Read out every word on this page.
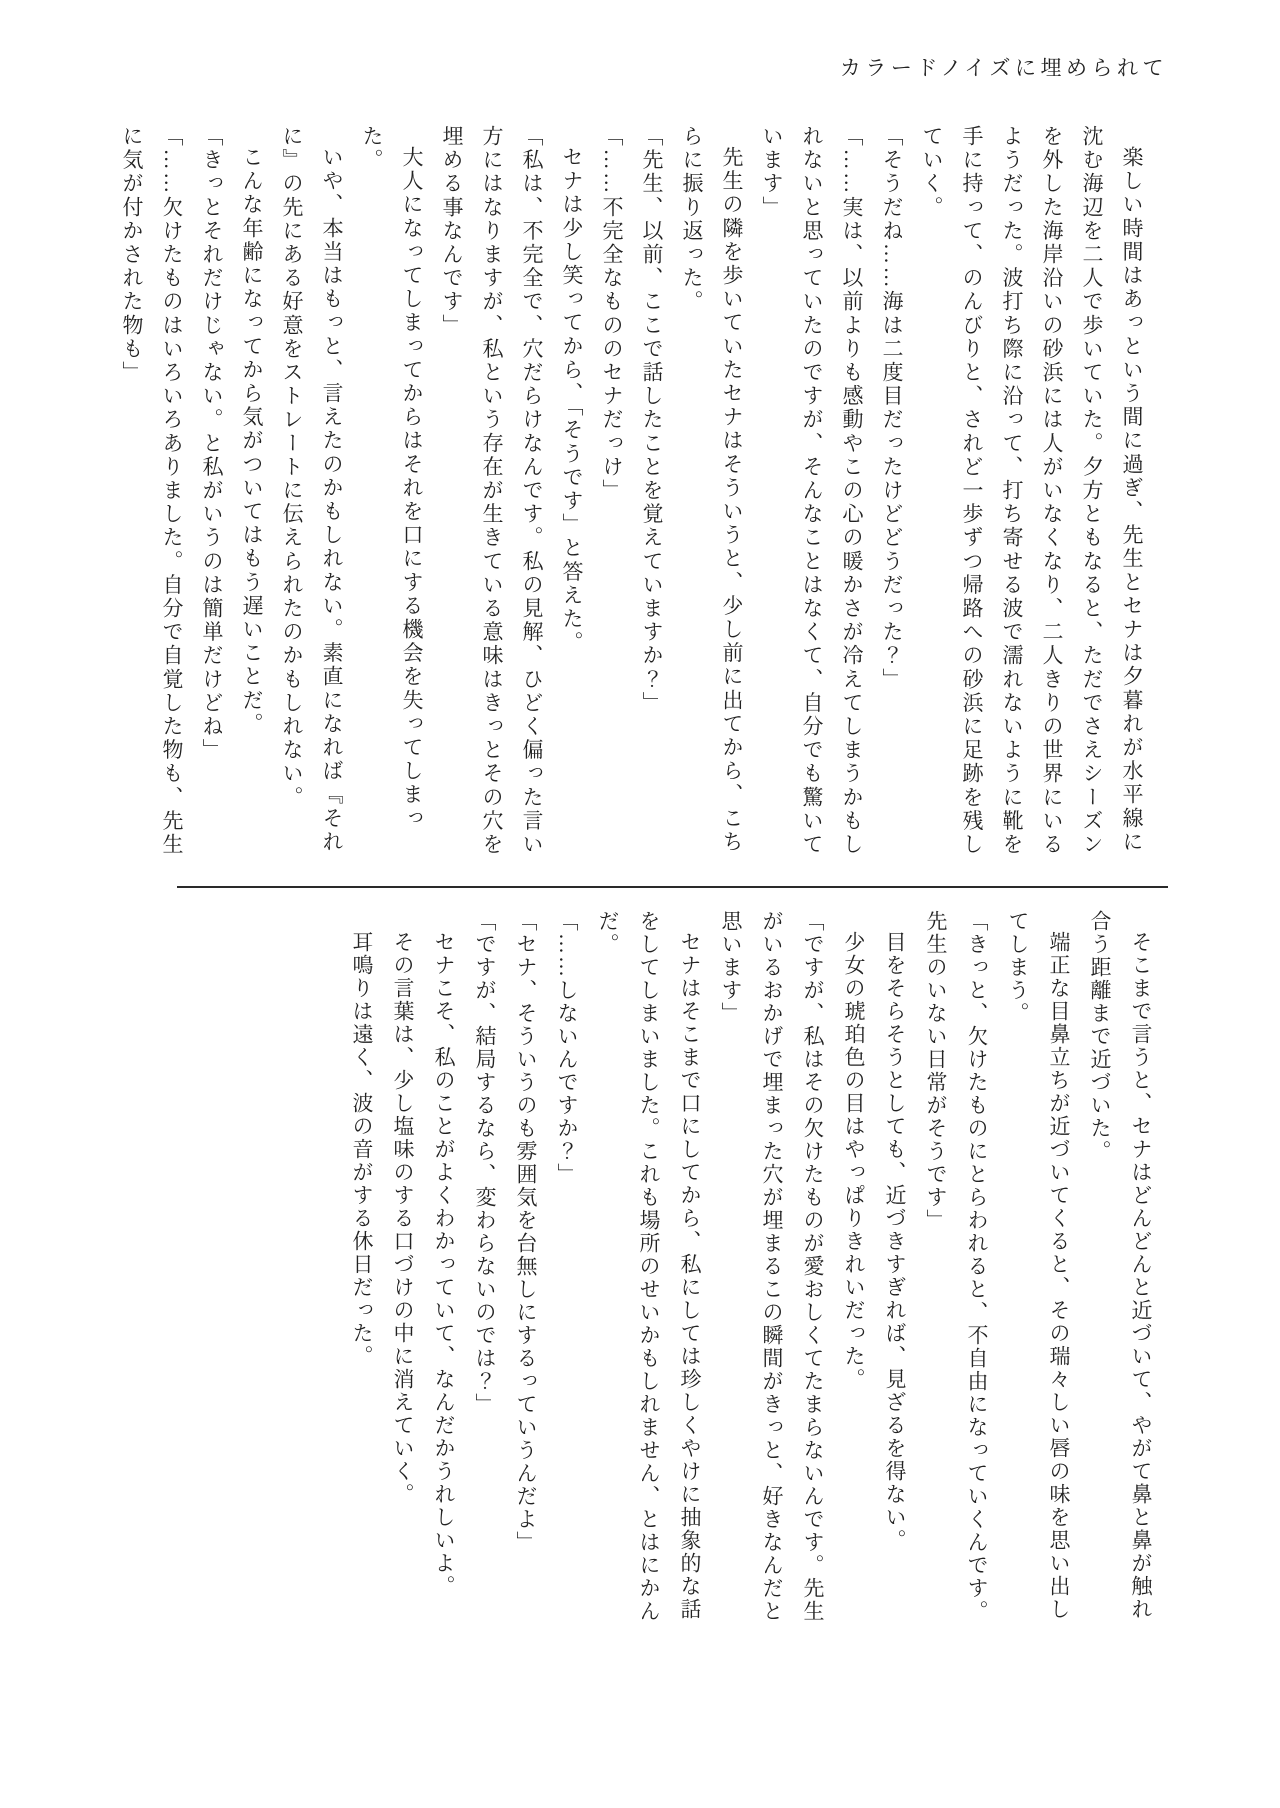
カラードノイズに埋められて

楽しい時間はあっという間に過ぎ、先生とセナは夕暮れが水平線に沈む海辺を二人で歩いていた。夕方ともなると、ただでさえシーズンを外した海岸沿いの砂浜には人がいなくなり、二人きりの世界にいるようだった。波打ち際に沿って、打ち寄せる波で濡れないように靴を手に持って、のんびりと、されど一歩ずつ帰路への砂浜に足跡を残していく。

「そうだね……海は二度目だったけどどうだった？」

「……実は、以前よりも感動やこの心の暖かさが冷えてしまうかもしれないと思っていたのですが、そんなことはなくて、自分でも驚いています」

先生の隣を歩いていたセナはそういうと、少し前に出てから、こちらに振り返った。

「先生、以前、ここで話したことを覚えていますか？」

「……不完全なもののセナだっけ」

セナは少し笑ってから、「そうです」と答えた。

「私は、不完全で、穴だらけなんです。私の見解、ひどく偏った言い方にはなりますが、私という存在が生きている意味はきっとその穴を埋める事なんです」

大人になってしまってからはそれを口にする機会を失ってしまった。

いや、本当はもっと、言えたのかもしれない。素直になれば『それに』の先にある好意をストレートに伝えられたのかもしれない。

こんな年齢になってから気がついてはもう遅いことだ。

「きっとそれだけじゃない。と私がいうのは簡単だけどね」

「……欠けたものはいろいろありました。自分で自覚した物も、先生に気が付かされた物も」

そこまで言うと、セナはどんどんと近づいて、やがて鼻と鼻が触れ合う距離まで近づいた。

端正な目鼻立ちが近づいてくると、その瑞々しい唇の味を思い出してしまう。

「きっと、欠けたものにとらわれると、不自由になっていくんです。先生のいない日常がそうです」

目をそらそうとしても、近づきすぎれば、見ざるを得ない。

少女の琥珀色の目はやっぱりきれいだった。

「ですが、私はその欠けたものが愛おしくてたまらないんです。先生がいるおかげで埋まった穴が埋まるこの瞬間がきっと、好きなんだと思います」

セナはそこまで口にしてから、私にしては珍しくやけに抽象的な話をしてしまいました。これも場所のせいかもしれません、とはにかんだ。

「……しないんですか？」

「セナ、そういうのも雰囲気を台無しにするっていうんだよ」

「ですが、結局するなら、変わらないのでは？」

セナこそ、私のことがよくわかっていて、なんだかうれしいよ。

その言葉は、少し塩味のする口づけの中に消えていく。

耳鳴りは遠く、波の音がする休日だった。
